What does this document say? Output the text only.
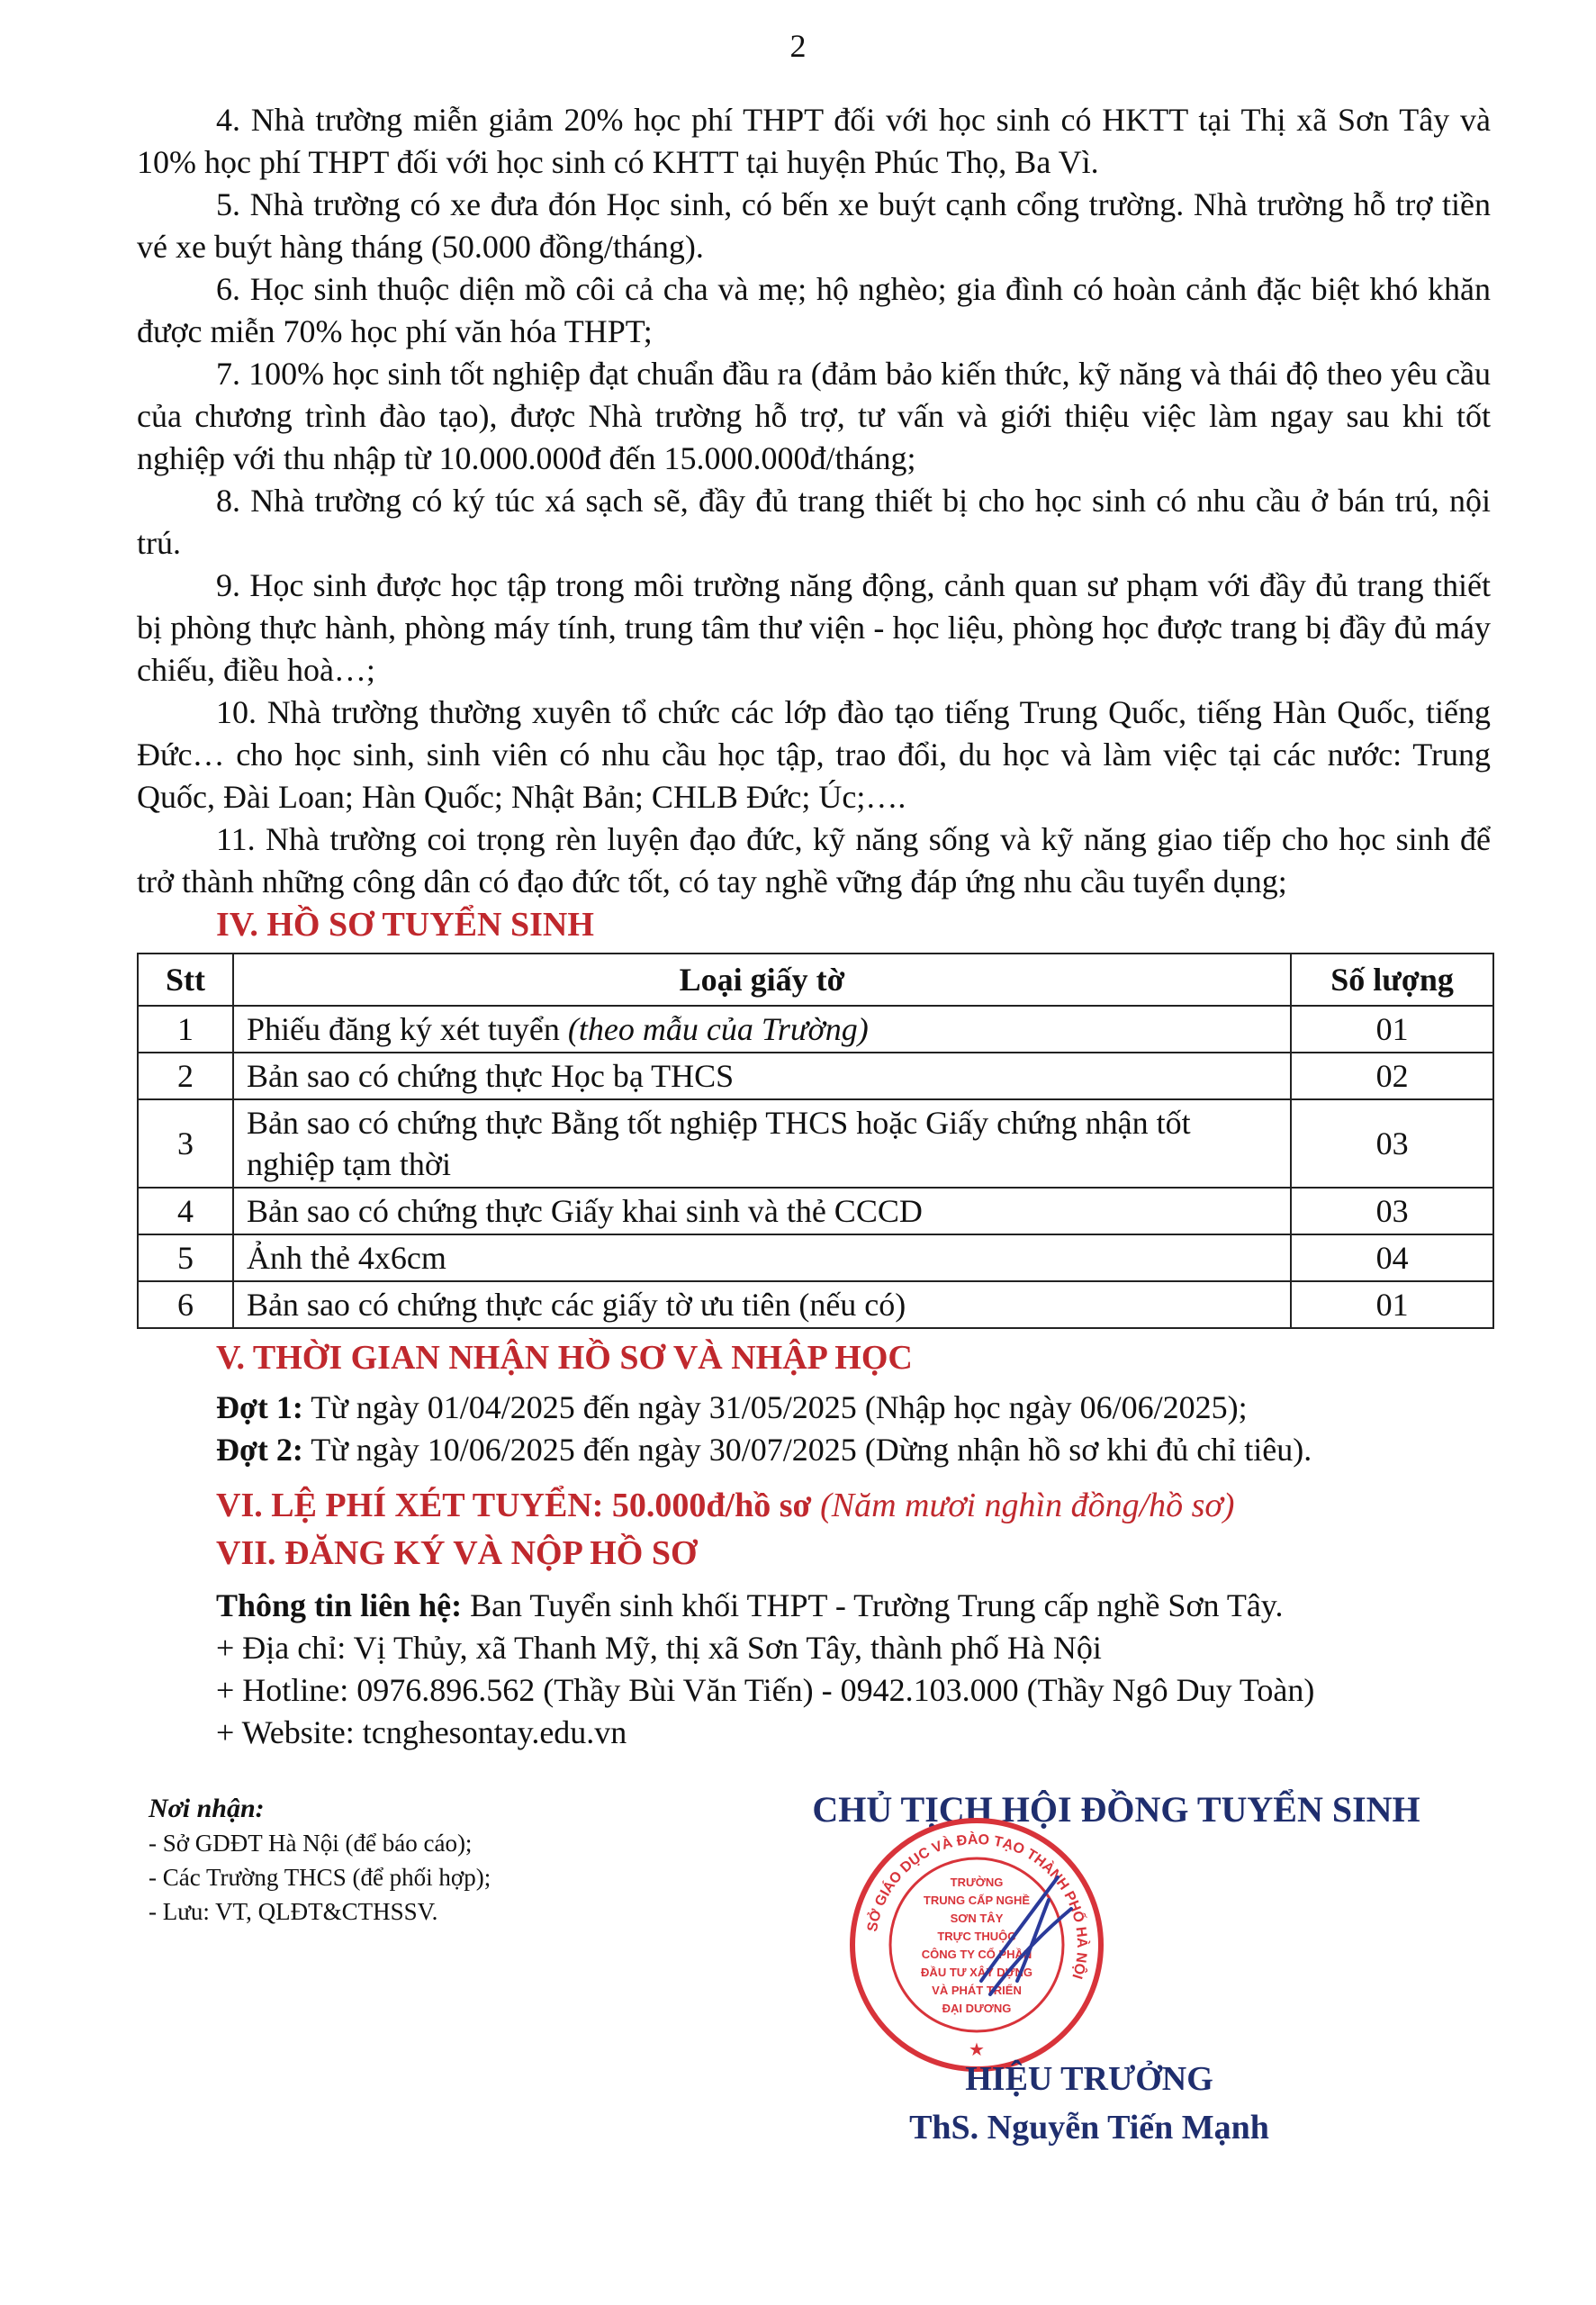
2

4. Nhà trường miễn giảm 20% học phí THPT đối với học sinh có HKTT tại Thị xã Sơn Tây và 10% học phí THPT đối với học sinh có KHTT tại huyện Phúc Thọ, Ba Vì.

5. Nhà trường có xe đưa đón Học sinh, có bến xe buýt cạnh cổng trường. Nhà trường hỗ trợ tiền vé xe buýt hàng tháng (50.000 đồng/tháng).

6. Học sinh thuộc diện mồ côi cả cha và mẹ; hộ nghèo; gia đình có hoàn cảnh đặc biệt khó khăn được miễn 70% học phí văn hóa THPT;

7. 100% học sinh tốt nghiệp đạt chuẩn đầu ra (đảm bảo kiến thức, kỹ năng và thái độ theo yêu cầu của chương trình đào tạo), được Nhà trường hỗ trợ, tư vấn và giới thiệu việc làm ngay sau khi tốt nghiệp với thu nhập từ 10.000.000đ đến 15.000.000đ/tháng;

8. Nhà trường có ký túc xá sạch sẽ, đầy đủ trang thiết bị cho học sinh có nhu cầu ở bán trú, nội trú.

9. Học sinh được học tập trong môi trường năng động, cảnh quan sư phạm với đầy đủ trang thiết bị phòng thực hành, phòng máy tính, trung tâm thư viện - học liệu, phòng học được trang bị đầy đủ máy chiếu, điều hoà…;

10. Nhà trường thường xuyên tổ chức các lớp đào tạo tiếng Trung Quốc, tiếng Hàn Quốc, tiếng Đức… cho học sinh, sinh viên có nhu cầu học tập, trao đổi, du học và làm việc tại các nước: Trung Quốc, Đài Loan; Hàn Quốc; Nhật Bản; CHLB Đức; Úc;….

11. Nhà trường coi trọng rèn luyện đạo đức, kỹ năng sống và kỹ năng giao tiếp cho học sinh để trở thành những công dân có đạo đức tốt, có tay nghề vững đáp ứng nhu cầu tuyển dụng;

IV. HỒ SƠ TUYỂN SINH
Stt	Loại giấy tờ	Số lượng
1	Phiếu đăng ký xét tuyển (theo mẫu của Trường)	01
2	Bản sao có chứng thực Học bạ THCS	02
3	Bản sao có chứng thực Bằng tốt nghiệp THCS hoặc Giấy chứng nhận tốt nghiệp tạm thời	03
4	Bản sao có chứng thực Giấy khai sinh và thẻ CCCD	03
5	Ảnh thẻ 4x6cm	04
6	Bản sao có chứng thực các giấy tờ ưu tiên (nếu có)	01
V. THỜI GIAN NHẬN HỒ SƠ VÀ NHẬP HỌC
Đợt 1: Từ ngày 01/04/2025 đến ngày 31/05/2025 (Nhập học ngày 06/06/2025);
Đợt 2: Từ ngày 10/06/2025 đến ngày 30/07/2025 (Dừng nhận hồ sơ khi đủ chỉ tiêu).
VI. LỆ PHÍ XÉT TUYỂN: 50.000đ/hồ sơ (Năm mươi nghìn đồng/hồ sơ)
VII. ĐĂNG KÝ VÀ NỘP HỒ SƠ
Thông tin liên hệ: Ban Tuyển sinh khối THPT - Trường Trung cấp nghề Sơn Tây.
+ Địa chỉ: Vị Thủy, xã Thanh Mỹ, thị xã Sơn Tây, thành phố Hà Nội
+ Hotline: 0976.896.562 (Thầy Bùi Văn Tiến) - 0942.103.000 (Thầy Ngô Duy Toàn)
+ Website: tcnghesontay.edu.vn
Nơi nhận:
- Sở GDĐT Hà Nội (để báo cáo);
- Các Trường THCS (để phối hợp);
- Lưu: VT, QLĐT&CTHSSV.
CHỦ TỊCH HỘI ĐỒNG TUYỂN SINH
SỞ GIÁO DỤC VÀ ĐÀO TẠO THÀNH PHỐ HÀ NỘI
TRƯỜNG
TRUNG CẤP NGHỀ
SƠN TÂY
TRỰC THUỘC
CÔNG TY CỔ PHẦN
ĐẦU TƯ XÂY DỰNG
VÀ PHÁT TRIỂN
ĐẠI DƯƠNG
★
HIỆU TRƯỞNG
ThS. Nguyễn Tiến Mạnh
